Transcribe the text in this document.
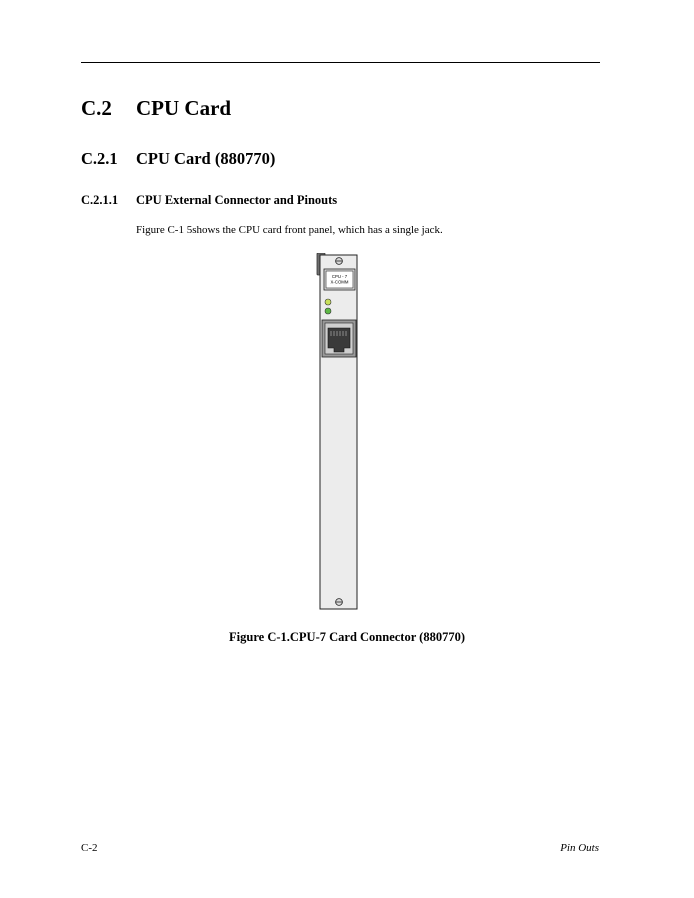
C.2 CPU Card
C.2.1 CPU Card (880770)
C.2.1.1 CPU External Connector and Pinouts
Figure C-1 5shows the CPU card front panel, which has a single jack.
CPU - 7
X-COMM
Figure C-1.CPU-7 Card Connector (880770)
C-2	Pin Outs
